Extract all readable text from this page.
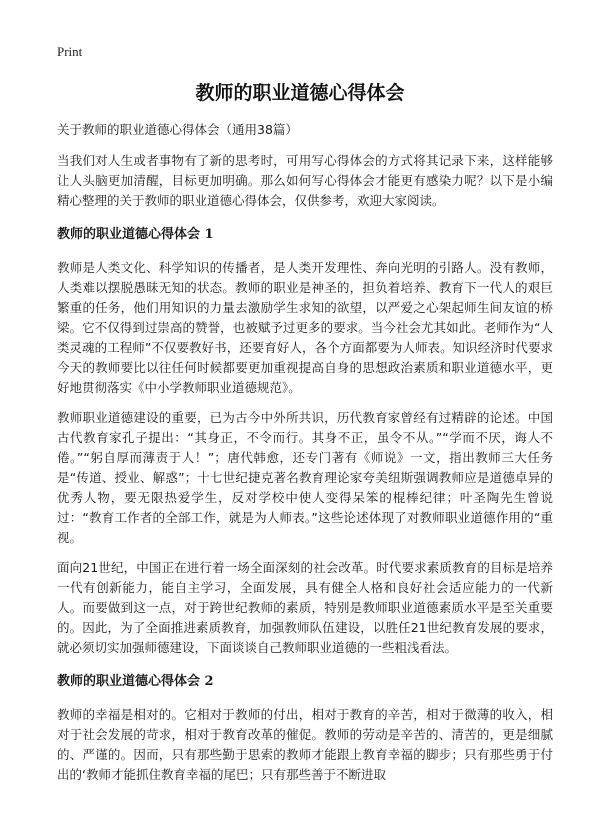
Print
教师的职业道德心得体会
关于教师的职业道德心得体会（通用38篇）

当我们对人生或者事物有了新的思考时，可用写心得体会的方式将其记录下来，这样能够让人头脑更加清醒，目标更加明确。那么如何写心得体会才能更有感染力呢？以下是小编精心整理的关于教师的职业道德心得体会，仅供参考，欢迎大家阅读。

教师的职业道德心得体会 1

教师是人类文化、科学知识的传播者，是人类开发理性、奔向光明的引路人。没有教师，人类难以摆脱愚昧无知的状态。教师的职业是神圣的，担负着培养、教育下一代人的艰巨繁重的任务，他们用知识的力量去激励学生求知的欲望，以严爱之心架起师生间友谊的桥梁。它不仅得到过崇高的赞誉，也被赋予过更多的要求。当今社会尤其如此。老师作为“人类灵魂的工程师”不仅要教好书，还要育好人，各个方面都要为人师表。知识经济时代要求今天的教师要比以往任何时候都要更加重视提高自身的思想政治素质和职业道德水平，更好地贯彻落实《中小学教师职业道德规范》。

教师职业道德建设的重要，已为古今中外所共识，历代教育家曾经有过精辟的论述。中国古代教育家孔子提出：“其身正，不令而行。其身不正，虽令不从。”“学而不厌，诲人不倦。”“躬自厚而薄责于人！”；唐代韩愈，还专门著有《师说》一文，指出教师三大任务是“传道、授业、解惑”；十七世纪捷克著名教育理论家夸美纽斯强调教师应是道德卓异的优秀人物，要无限热爱学生，反对学校中使人变得呆笨的棍棒纪律；叶圣陶先生曾说过：“教育工作者的全部工作，就是为人师表。”这些论述体现了对教师职业道德作用的“重视。

面向21世纪，中国正在进行着一场全面深刻的社会改革。时代要求素质教育的目标是培养一代有创新能力，能自主学习，全面发展，具有健全人格和良好社会适应能力的一代新人。而要做到这一点，对于跨世纪教师的素质，特别是教师职业道德素质水平是至关重要的。因此，为了全面推进素质教育，加强教师队伍建设，以胜任21世纪教育发展的要求，就必须切实加强师德建设，下面谈谈自己教师职业道德的一些粗浅看法。

教师的职业道德心得体会 2

教师的幸福是相对的。它相对于教师的付出，相对于教育的辛苦，相对于微薄的收入，相对于社会发展的苛求，相对于教育改革的催促。教师的劳动是辛苦的、清苦的，更是细腻的、严谨的。因而，只有那些勤于思索的教师才能跟上教育幸福的脚步；只有那些勇于付出的‘教师才能抓住教育幸福的尾巴；只有那些善于不断进取
